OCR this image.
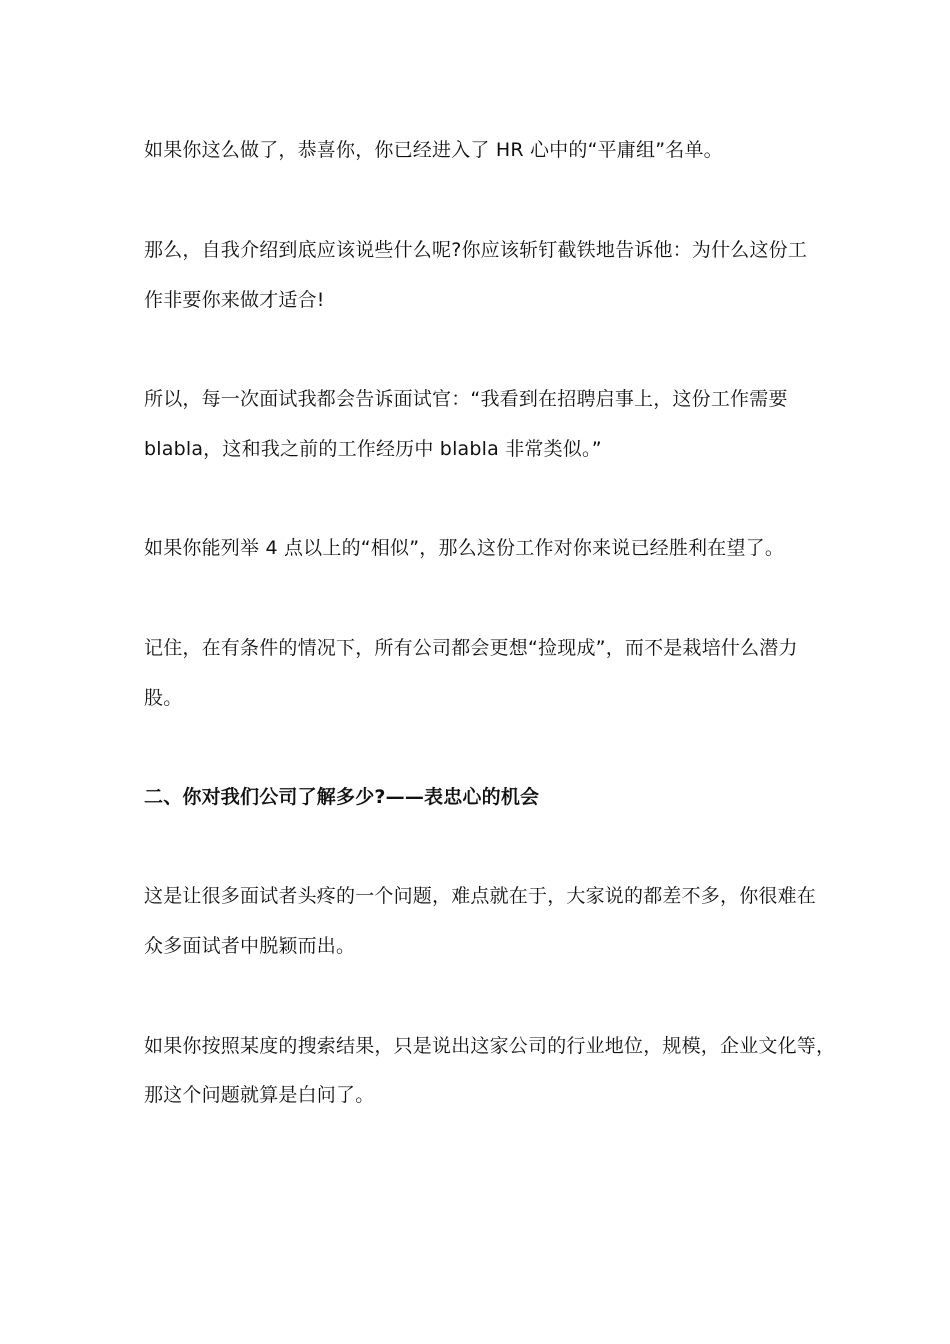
如果你这么做了，恭喜你，你已经进入了 HR 心中的“平庸组”名单。
那么，自我介绍到底应该说些什么呢?你应该斩钉截铁地告诉他：为什么这份工
作非要你来做才适合!
所以，每一次面试我都会告诉面试官：“我看到在招聘启事上，这份工作需要
blabla，这和我之前的工作经历中 blabla 非常类似。”
如果你能列举 4 点以上的“相似”，那么这份工作对你来说已经胜利在望了。
记住，在有条件的情况下，所有公司都会更想“捡现成”，而不是栽培什么潜力
股。
二、你对我们公司了解多少?——表忠心的机会
这是让很多面试者头疼的一个问题，难点就在于，大家说的都差不多，你很难在
众多面试者中脱颖而出。
如果你按照某度的搜索结果，只是说出这家公司的行业地位，规模，企业文化等，
那这个问题就算是白问了。
